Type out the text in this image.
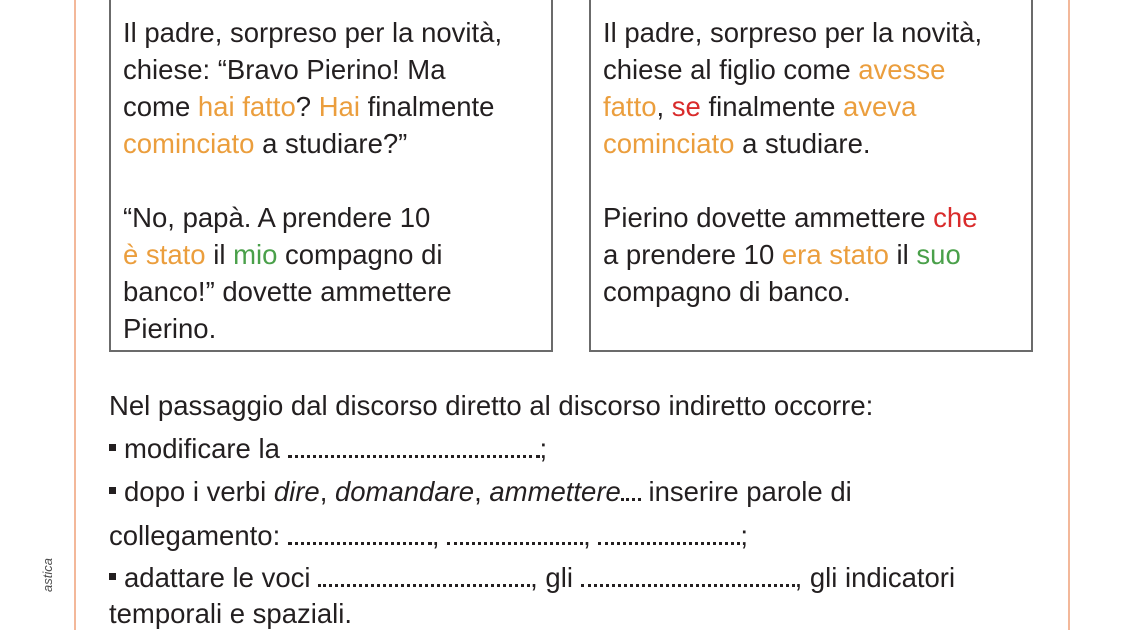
Il padre, sorpreso per la novità,
chiese: “Bravo Pierino! Ma
come hai fatto? Hai finalmente
cominciato a studiare?”
“No, papà. A prendere 10
è stato il mio compagno di
banco!” dovette ammettere
Pierino.
Il padre, sorpreso per la novità,
chiese al figlio come avesse
fatto, se finalmente aveva
cominciato a studiare.
Pierino dovette ammettere che
a prendere 10 era stato il suo
compagno di banco.
Nel passaggio dal discorso diretto al discorso indiretto occorre:
modificare la	;
dopo i verbi dire, domandare, ammettere inserire parole di
collegamento:	,	,	;
adattare le voci	, gli	, gli indicatori
temporali e spaziali.
astica
